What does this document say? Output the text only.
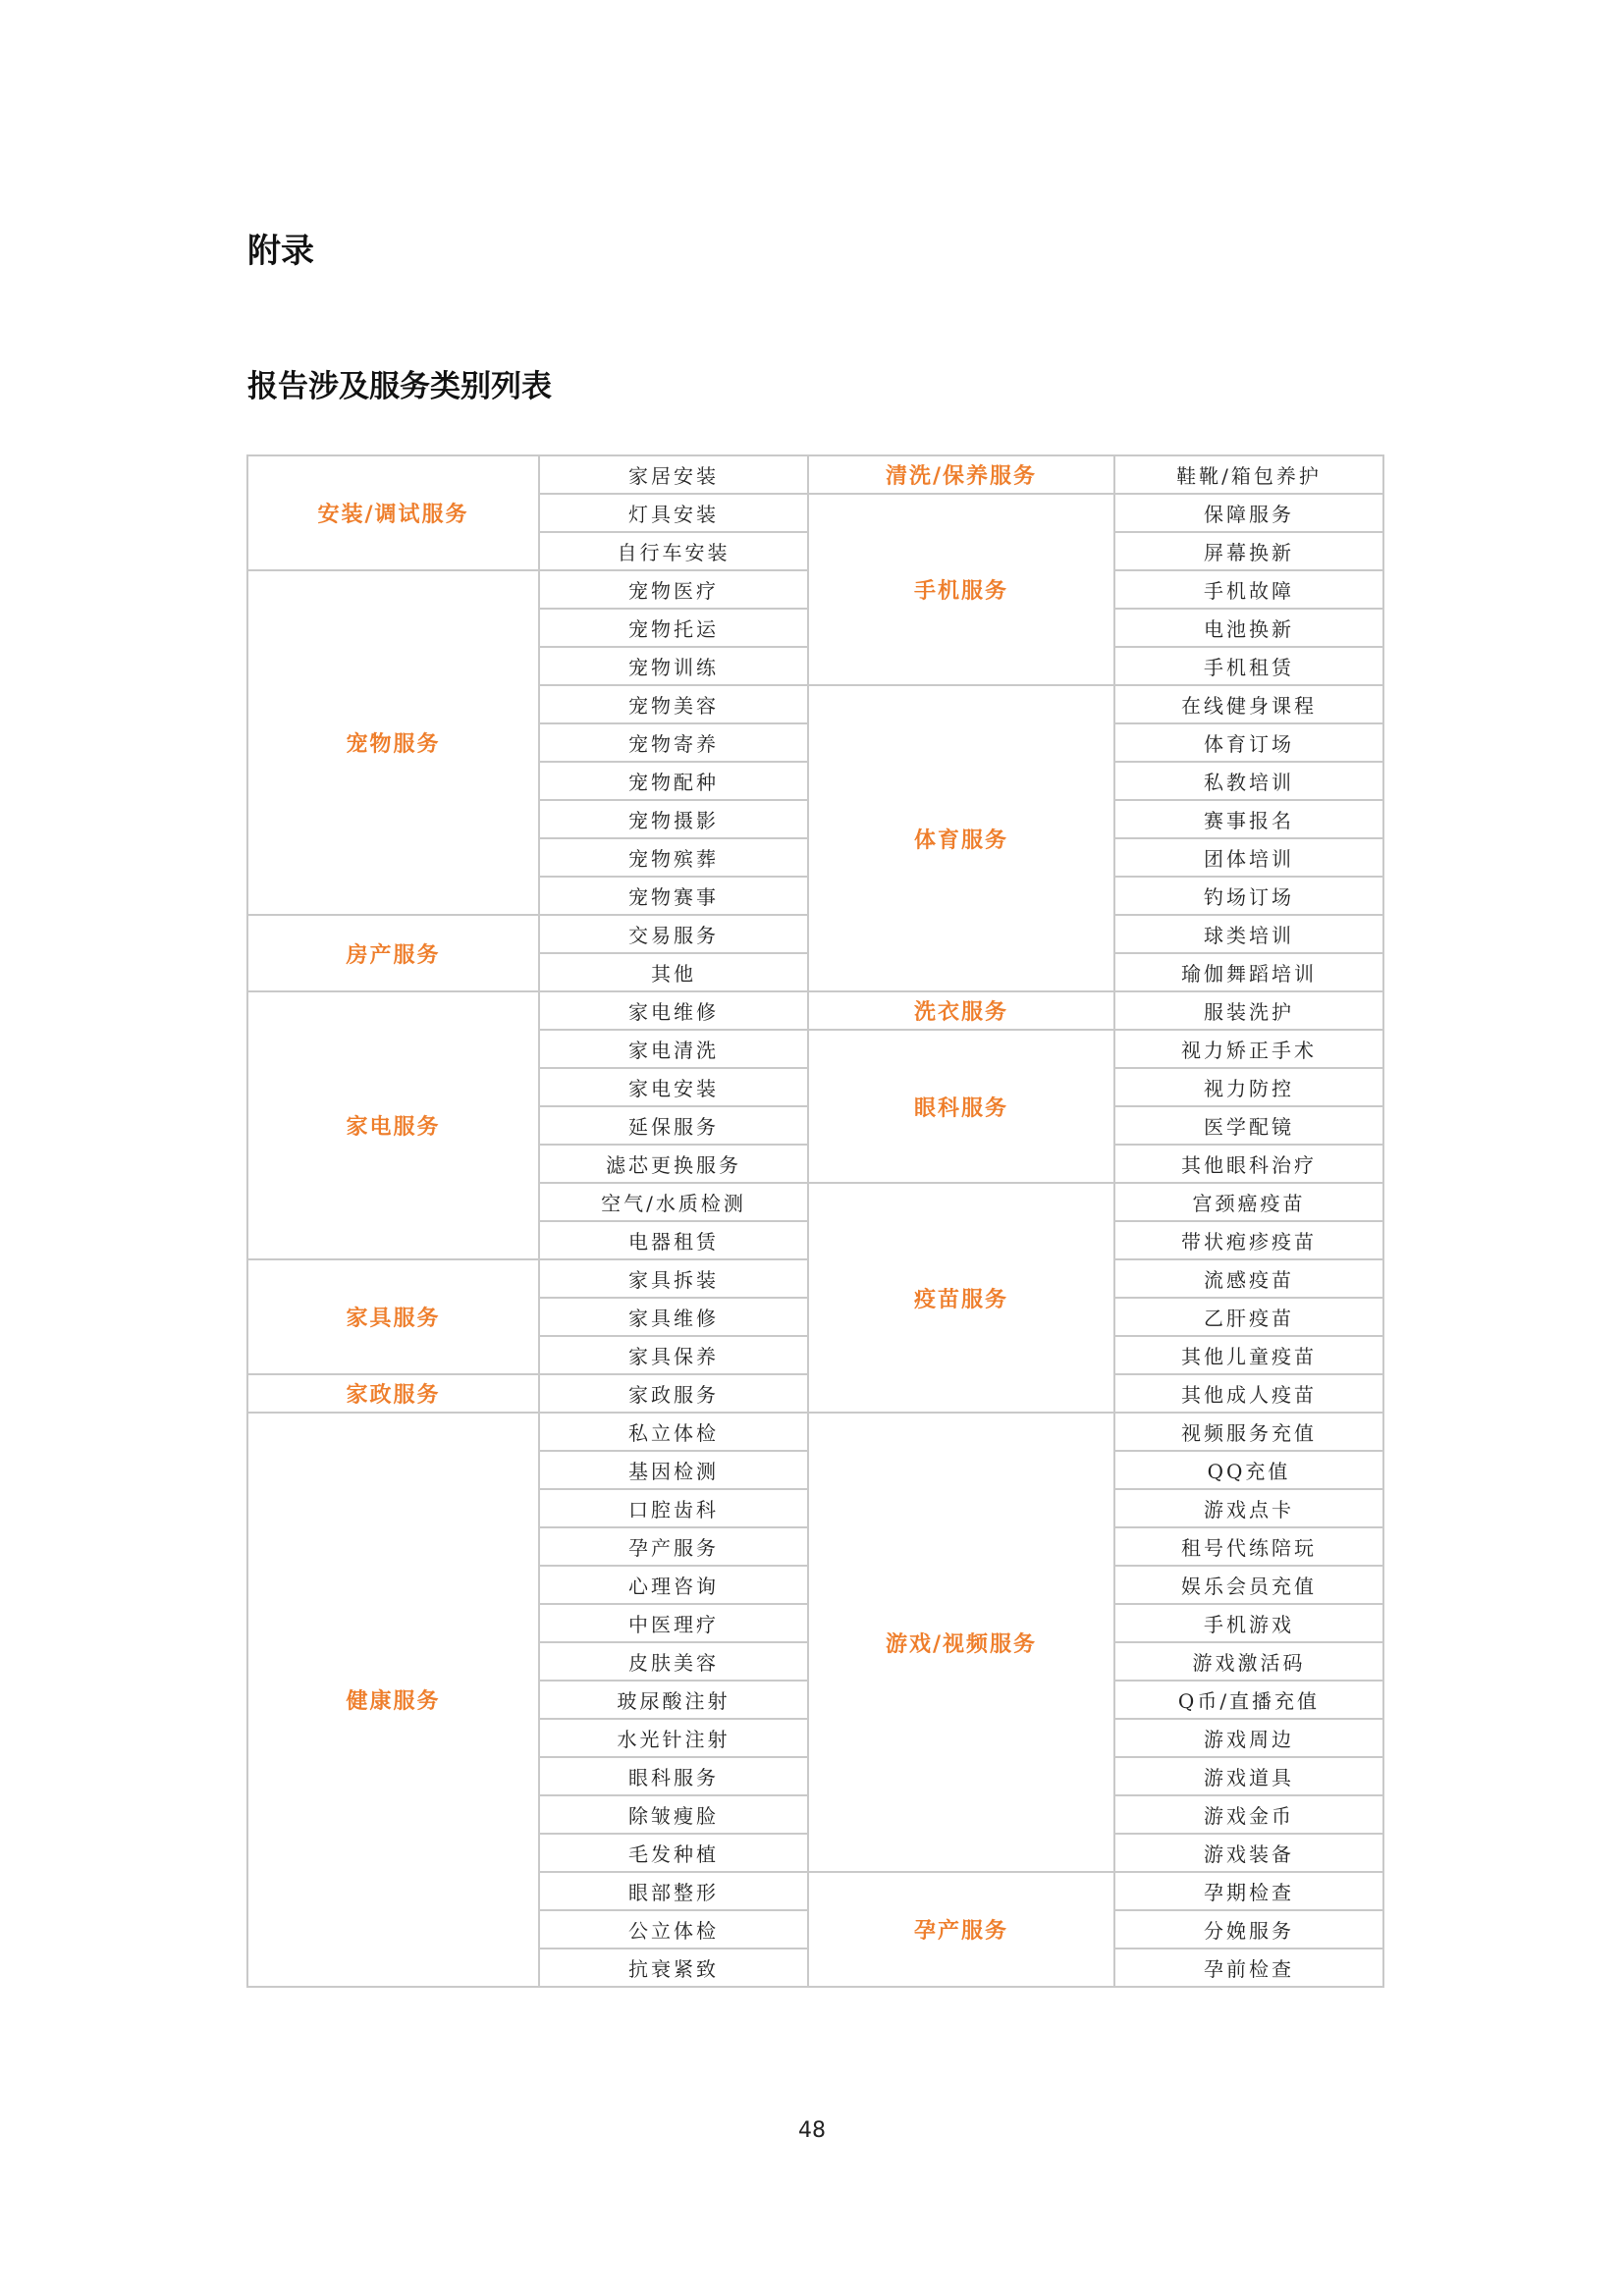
附录
报告涉及服务类别列表
安装/调试服务	家居安装	清洗/保养服务	鞋靴/箱包养护
	灯具安装	手机服务	保障服务
	自行车安装		屏幕换新
宠物服务	宠物医疗		手机故障
	宠物托运		电池换新
	宠物训练		手机租赁
	宠物美容	体育服务	在线健身课程
	宠物寄养		体育订场
	宠物配种		私教培训
	宠物摄影		赛事报名
	宠物殡葬		团体培训
	宠物赛事		钓场订场
房产服务	交易服务		球类培训
	其他		瑜伽舞蹈培训
家电服务	家电维修	洗衣服务	服装洗护
	家电清洗	眼科服务	视力矫正手术
	家电安装		视力防控
	延保服务		医学配镜
	滤芯更换服务		其他眼科治疗
	空气/水质检测	疫苗服务	宫颈癌疫苗
	电器租赁		带状疱疹疫苗
家具服务	家具拆装		流感疫苗
	家具维修		乙肝疫苗
	家具保养		其他儿童疫苗
家政服务	家政服务		其他成人疫苗
健康服务	私立体检	游戏/视频服务	视频服务充值
	基因检测		QQ充值
	口腔齿科		游戏点卡
	孕产服务		租号代练陪玩
	心理咨询		娱乐会员充值
	中医理疗		手机游戏
	皮肤美容		游戏激活码
	玻尿酸注射		Q币/直播充值
	水光针注射		游戏周边
	眼科服务		游戏道具
	除皱瘦脸		游戏金币
	毛发种植		游戏装备
	眼部整形	孕产服务	孕期检查
	公立体检		分娩服务
	抗衰紧致		孕前检查
48
